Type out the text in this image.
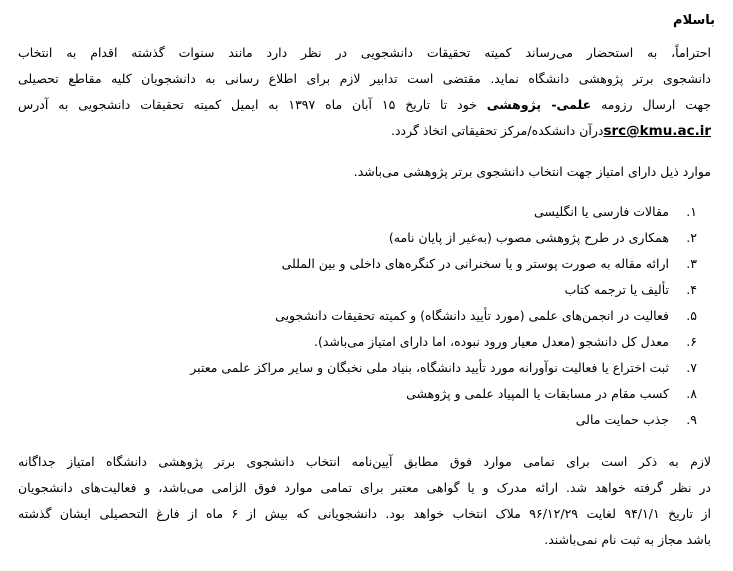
باسلام
احتراماً، به استحضار می‌رساند کمیته تحقیقات دانشجویی در نظر دارد مانند سنوات گذشته اقدام به انتخاب
دانشجوی برتر پژوهشی دانشگاه نماید. مقتضی است تدابیر لازم برای اطلاع رسانی به دانشجویان کلیه مقاطع تحصیلی
جهت ارسال رزومه علمی- پژوهشی خود تا تاریخ ۱۵ آبان ماه ۱۳۹۷ به ایمیل کمیته تحقیقات دانشجویی به آدرس
src@kmu.ac.irدرآن دانشکده/مرکز تحقیقاتی اتخاذ گردد.
موارد ذیل دارای امتیاز جهت انتخاب دانشجوی برتر پژوهشی می‌باشد.
۱.مقالات فارسی یا انگلیسی
۲.همکاری در طرح پژوهشی مصوب (به‌غیر از پایان نامه)
۳.ارائه مقاله به صورت پوستر و یا سخنرانی در کنگره‌های داخلی و بین المللی
۴.تألیف یا ترجمه کتاب
۵.فعالیت در انجمن‌های علمی (مورد تأیید دانشگاه) و کمیته تحقیقات دانشجویی
۶.معدل کل دانشجو (معدل معیار ورود نبوده، اما دارای امتیاز می‌باشد).
۷.ثبت اختراع یا فعالیت نوآورانه مورد تأیید دانشگاه، بنیاد ملی نخبگان و سایر مراکز علمی معتبر
۸.کسب مقام در مسابقات یا المپیاد علمی و پژوهشی
۹.جذب حمایت مالی
لازم به ذکر است برای تمامی موارد فوق مطابق آیین‌نامه انتخاب دانشجوی برتر پژوهشی دانشگاه امتیاز جداگانه
در نظر گرفته خواهد شد. ارائه مدرک و یا گواهی معتبر برای تمامی موارد فوق الزامی می‌باشد، و فعالیت‌های دانشجویان
از تاریخ ۹۴/۱/۱ لغایت ۹۶/۱۲/۲۹ ملاک انتخاب خواهد بود. دانشجویانی که بیش از ۶ ماه از فارغ التحصیلی ایشان گذشته
باشد مجاز به ثبت نام نمی‌باشند.
